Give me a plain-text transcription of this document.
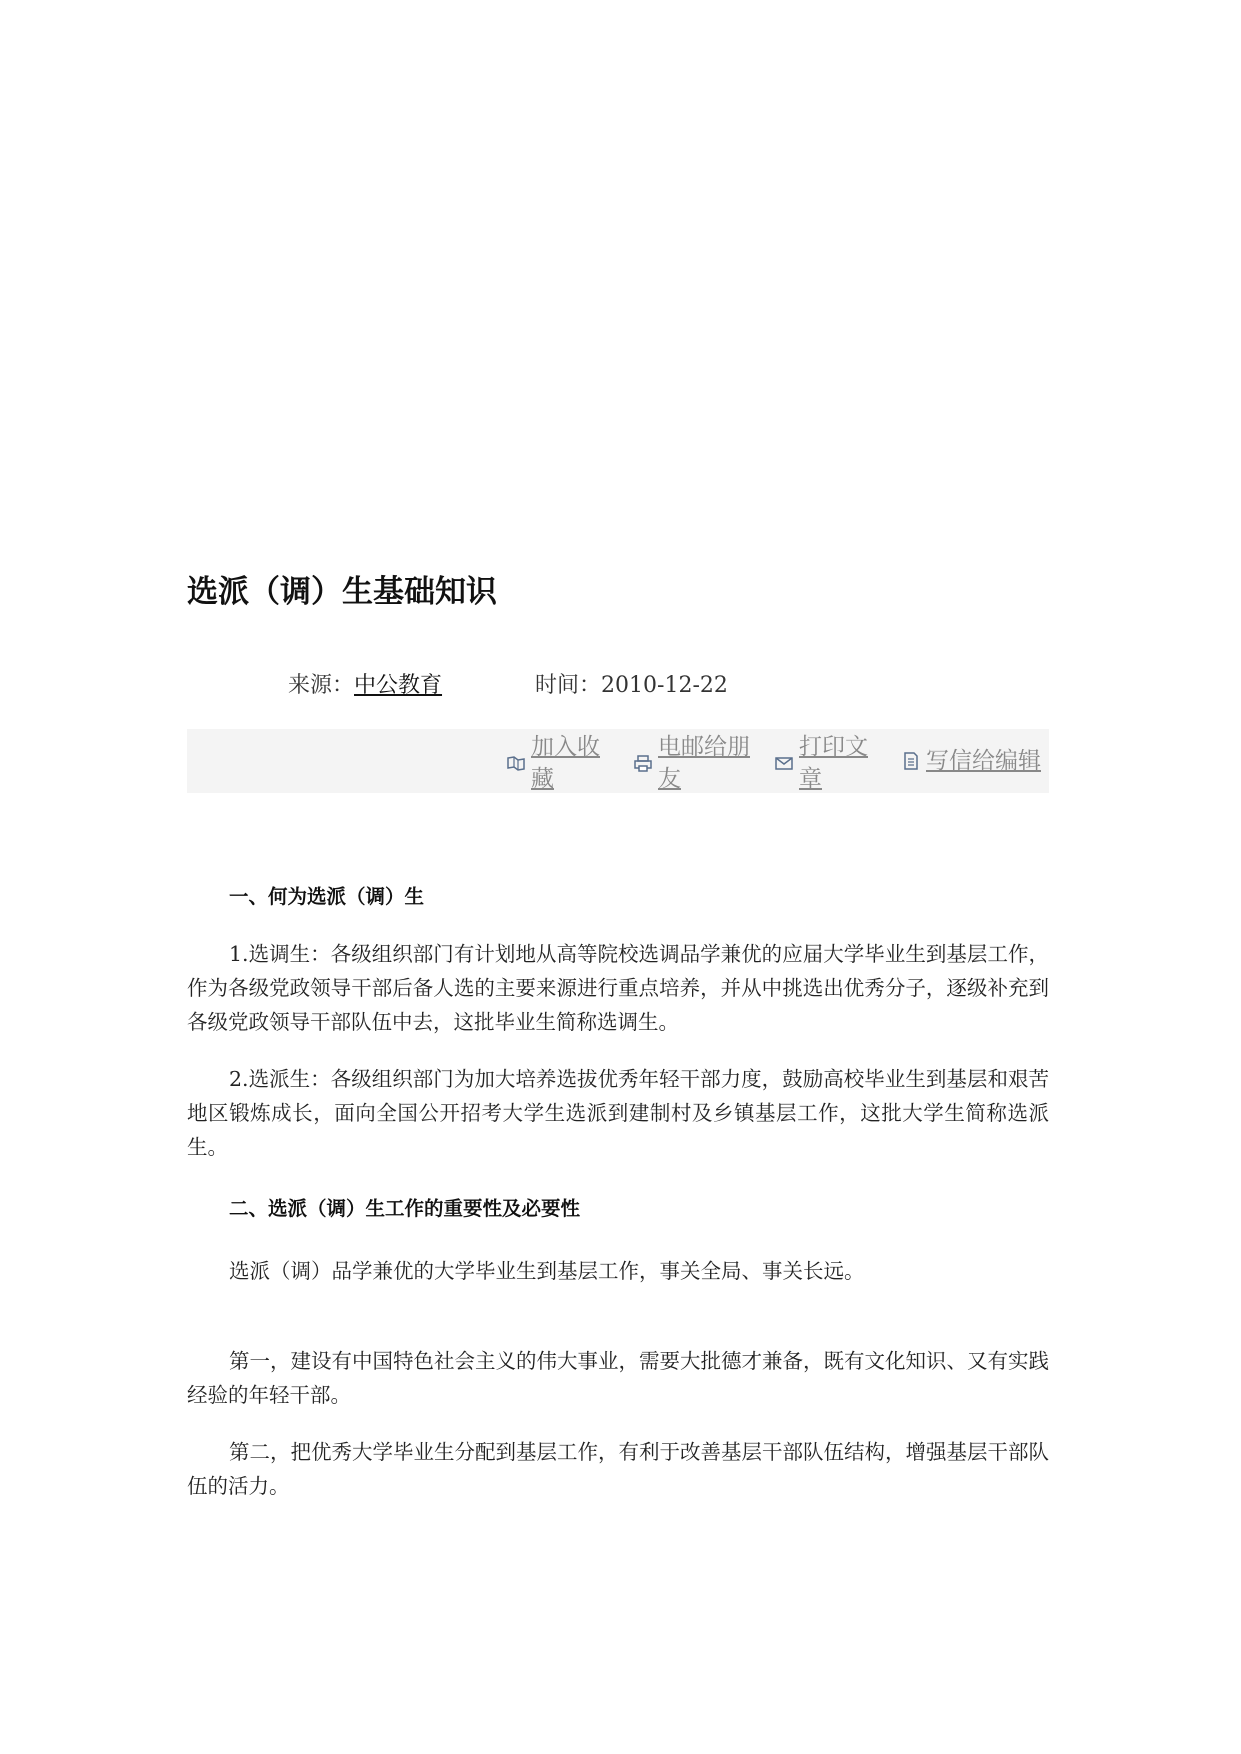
选派（调）生基础知识
来源：中公教育	时间：2010-12-22
加入收藏
电邮给朋友
打印文章
写信给编辑
一、何为选派（调）生

1.选调生：各级组织部门有计划地从高等院校选调品学兼优的应届大学毕业生到基层工作，作为各级党政领导干部后备人选的主要来源进行重点培养，并从中挑选出优秀分子，逐级补充到各级党政领导干部队伍中去，这批毕业生简称选调生。

2.选派生：各级组织部门为加大培养选拔优秀年轻干部力度，鼓励高校毕业生到基层和艰苦地区锻炼成长，面向全国公开招考大学生选派到建制村及乡镇基层工作，这批大学生简称选派生。

二、选派（调）生工作的重要性及必要性

选派（调）品学兼优的大学毕业生到基层工作，事关全局、事关长远。

第一，建设有中国特色社会主义的伟大事业，需要大批德才兼备，既有文化知识、又有实践经验的年轻干部。

第二，把优秀大学毕业生分配到基层工作，有利于改善基层干部队伍结构，增强基层干部队伍的活力。
